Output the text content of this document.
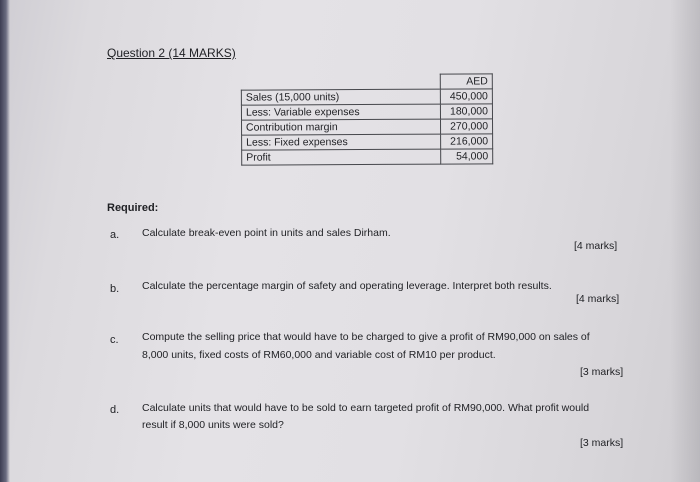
Question 2 (14 MARKS)
	AED
Sales (15,000 units)	450,000
Less: Variable expenses	180,000
Contribution margin	270,000
Less: Fixed expenses	216,000
Profit	54,000
Required:
a. Calculate break-even point in units and sales Dirham.
[4 marks]
b. Calculate the percentage margin of safety and operating leverage. Interpret both results.
[4 marks]
c. Compute the selling price that would have to be charged to give a profit of RM90,000 on sales of
8,000 units, fixed costs of RM60,000 and variable cost of RM10 per product.
[3 marks]
d. Calculate units that would have to be sold to earn targeted profit of RM90,000. What profit would
result if 8,000 units were sold?
[3 marks]
